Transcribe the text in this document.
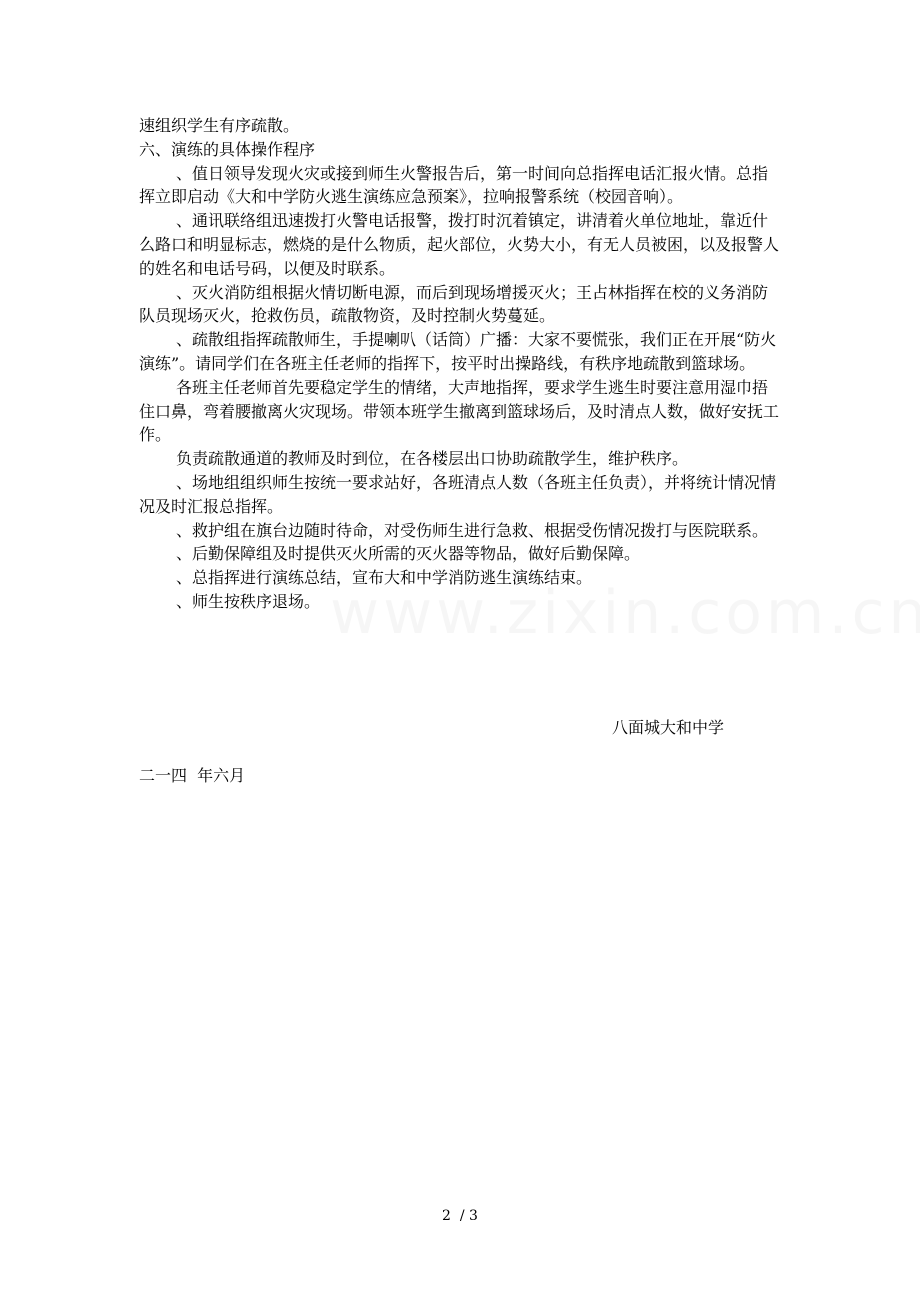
速组织学生有序疏散。

六、演练的具体操作程序

、值日领导发现火灾或接到师生火警报告后，第一时间向总指挥电话汇报火情。总指挥立即启动《大和中学防火逃生演练应急预案》，拉响报警系统（校园音响）。

、通讯联络组迅速拨打火警电话报警，拨打时沉着镇定，讲清着火单位地址，靠近什么路口和明显标志，燃烧的是什么物质，起火部位，火势大小，有无人员被困，以及报警人的姓名和电话号码，以便及时联系。

、灭火消防组根据火情切断电源，而后到现场增援灭火；王占林指挥在校的义务消防队员现场灭火，抢救伤员，疏散物资，及时控制火势蔓延。

、疏散组指挥疏散师生，手提喇叭（话筒）广播：大家不要慌张，我们正在开展“防火演练”。请同学们在各班主任老师的指挥下，按平时出操路线，有秩序地疏散到篮球场。

各班主任老师首先要稳定学生的情绪，大声地指挥，要求学生逃生时要注意用湿巾捂住口鼻，弯着腰撤离火灾现场。带领本班学生撤离到篮球场后，及时清点人数，做好安抚工作。

负责疏散通道的教师及时到位，在各楼层出口协助疏散学生，维护秩序。

、场地组组织师生按统一要求站好，各班清点人数（各班主任负责），并将统计情况情况及时汇报总指挥。

、救护组在旗台边随时待命，对受伤师生进行急救、根据受伤情况拨打与医院联系。

、后勤保障组及时提供灭火所需的灭火器等物品，做好后勤保障。

、总指挥进行演练总结，宣布大和中学消防逃生演练结束。

、师生按秩序退场。

八面城大和中学
二一四  年六月
2  / 3
